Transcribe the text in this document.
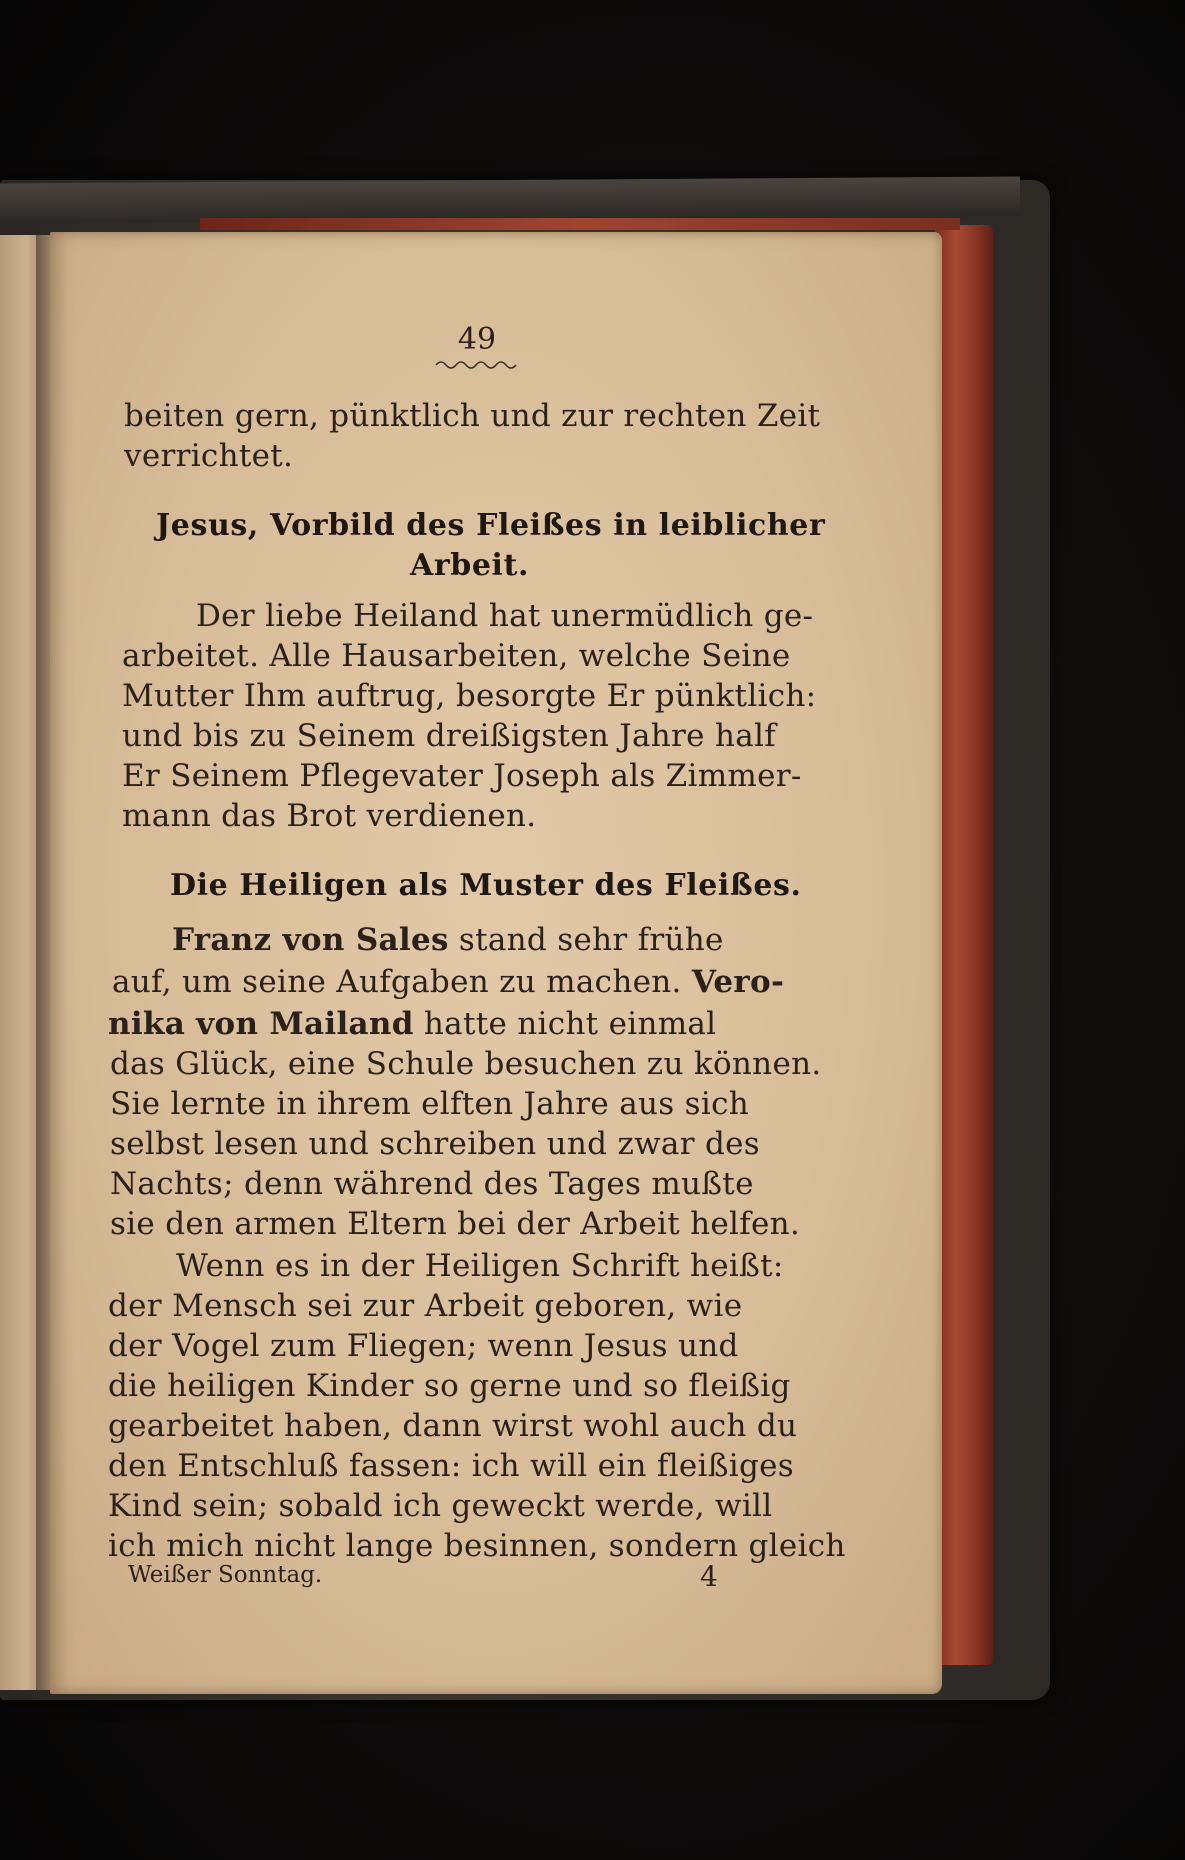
49
beiten gern, pünktlich und zur rechten Zeit
verrichtet.
Jesus, Vorbild des Fleißes in leiblicher
Arbeit.
Der liebe Heiland hat unermüdlich ge-
arbeitet. Alle Hausarbeiten, welche Seine
Mutter Ihm auftrug, besorgte Er pünktlich:
und bis zu Seinem dreißigsten Jahre half
Er Seinem Pflegevater Joseph als Zimmer-
mann das Brot verdienen.
Die Heiligen als Muster des Fleißes.
Franz von Sales stand sehr frühe
auf, um seine Aufgaben zu machen. Vero-
nika von Mailand hatte nicht einmal
das Glück, eine Schule besuchen zu können.
Sie lernte in ihrem elften Jahre aus sich
selbst lesen und schreiben und zwar des
Nachts; denn während des Tages mußte
sie den armen Eltern bei der Arbeit helfen.
Wenn es in der Heiligen Schrift heißt:
der Mensch sei zur Arbeit geboren, wie
der Vogel zum Fliegen; wenn Jesus und
die heiligen Kinder so gerne und so fleißig
gearbeitet haben, dann wirst wohl auch du
den Entschluß fassen: ich will ein fleißiges
Kind sein; sobald ich geweckt werde, will
ich mich nicht lange besinnen, sondern gleich
Weißer Sonntag.	4
